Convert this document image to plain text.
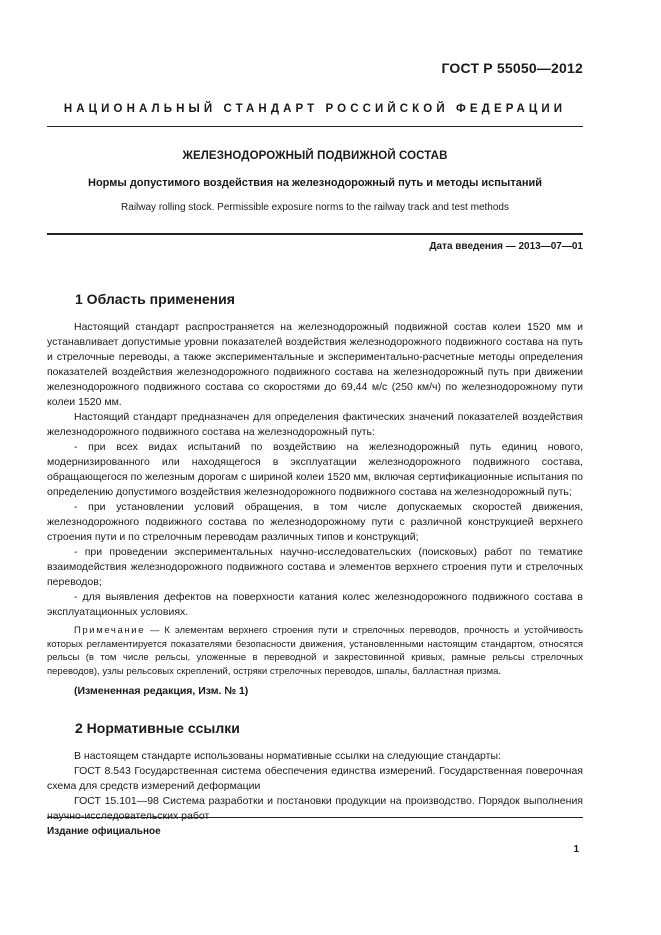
ГОСТ Р 55050—2012
НАЦИОНАЛЬНЫЙ СТАНДАРТ РОССИЙСКОЙ ФЕДЕРАЦИИ
ЖЕЛЕЗНОДОРОЖНЫЙ ПОДВИЖНОЙ СОСТАВ
Нормы допустимого воздействия на железнодорожный путь и методы испытаний
Railway rolling stock. Permissible exposure norms to the railway track and test methods
Дата введения — 2013—07—01
1 Область применения

Настоящий стандарт распространяется на железнодорожный подвижной состав колеи 1520 мм и устанавливает допустимые уровни показателей воздействия железнодорожного подвижного состава на путь и стрелочные переводы, а также экспериментальные и экспериментально-расчетные методы определения показателей воздействия железнодорожного подвижного состава на железнодорожный путь при движении железнодорожного подвижного состава со скоростями до 69,44 м/с (250 км/ч) по железнодорожному пути колеи 1520 мм.

Настоящий стандарт предназначен для определения фактических значений показателей воздействия железнодорожного подвижного состава на железнодорожный путь:

- при всех видах испытаний по воздействию на железнодорожный путь единиц нового, модернизированного или находящегося в эксплуатации железнодорожного подвижного состава, обращающегося по железным дорогам с шириной колеи 1520 мм, включая сертификационные испытания по определению допустимого воздействия железнодорожного подвижного состава на железнодорожный путь;

- при установлении условий обращения, в том числе допускаемых скоростей движения, железнодорожного подвижного состава по железнодорожному пути с различной конструкцией верхнего строения пути и по стрелочным переводам различных типов и конструкций;

- при проведении экспериментальных научно-исследовательских (поисковых) работ по тематике взаимодействия железнодорожного подвижного состава и элементов верхнего строения пути и стрелочных переводов;

- для выявления дефектов на поверхности катания колес железнодорожного подвижного состава в эксплуатационных условиях.

Примечание — К элементам верхнего строения пути и стрелочных переводов, прочность и устойчивость которых регламентируется показателями безопасности движения, установленными настоящим стандартом, относятся рельсы (в том числе рельсы, уложенные в переводной и закрестовинной кривых, рамные рельсы стрелочных переводов), узлы рельсовых скреплений, остряки стрелочных переводов, шпалы, балластная призма.

(Измененная редакция, Изм. № 1)

2 Нормативные ссылки

В настоящем стандарте использованы нормативные ссылки на следующие стандарты:

ГОСТ 8.543 Государственная система обеспечения единства измерений. Государственная поверочная схема для средств измерений деформации

ГОСТ 15.101—98 Система разработки и постановки продукции на производство. Порядок выполнения научно-исследовательских работ

Издание официальное
1
